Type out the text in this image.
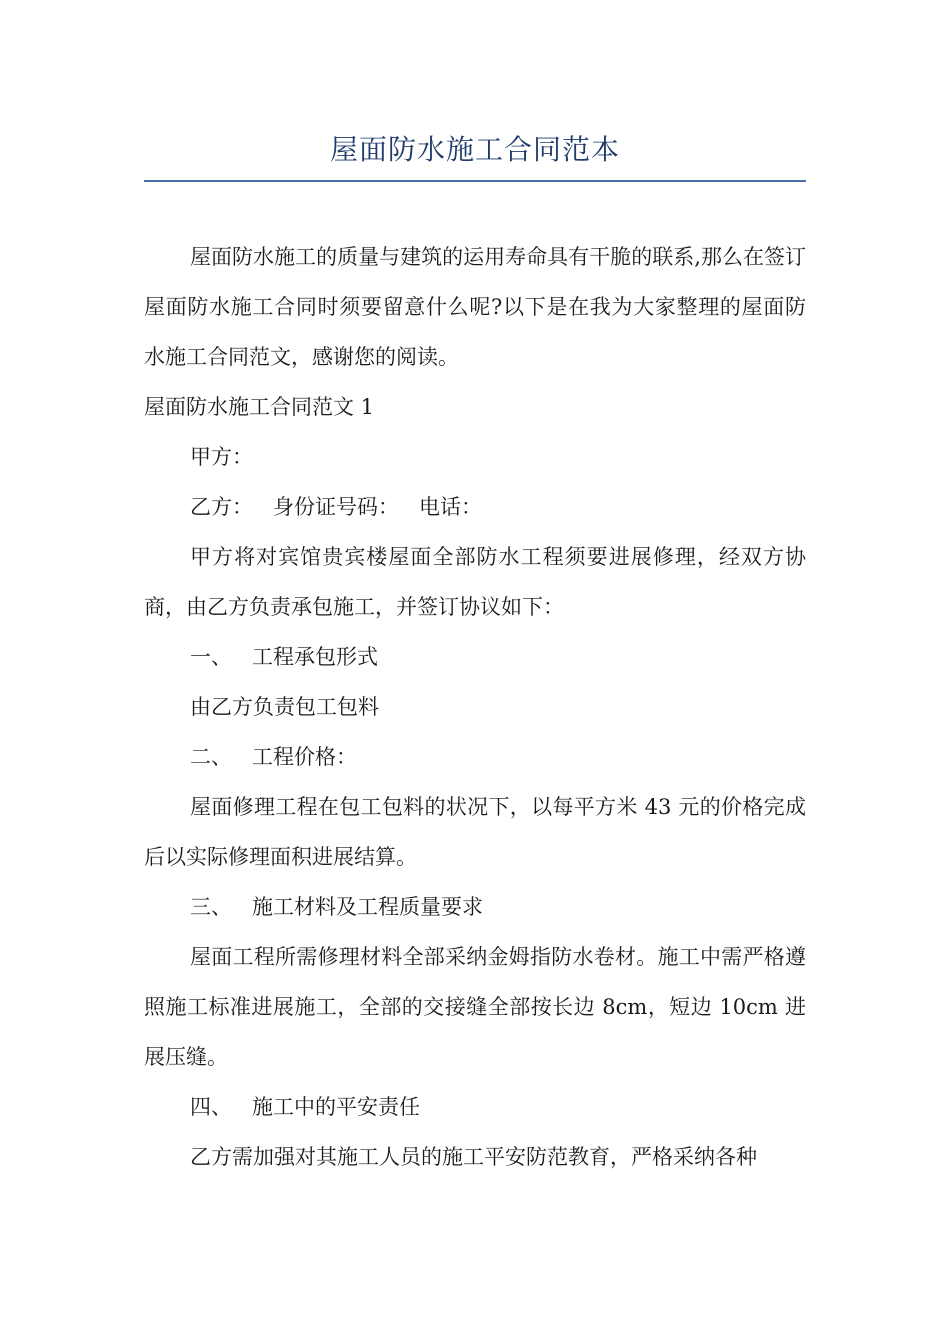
屋面防水施工合同范本

屋面防水施工的质量与建筑的运用寿命具有干脆的联系,那么在签订屋面防水施工合同时须要留意什么呢?以下是在我为大家整理的屋面防水施工合同范文，感谢您的阅读。

屋面防水施工合同范文 1

甲方：

乙方：   身份证号码：   电话：

甲方将对宾馆贵宾楼屋面全部防水工程须要进展修理，经双方协商，由乙方负责承包施工，并签订协议如下：

一、   工程承包形式

由乙方负责包工包料

二、   工程价格：

屋面修理工程在包工包料的状况下，以每平方米 43 元的价格完成后以实际修理面积进展结算。

三、   施工材料及工程质量要求

屋面工程所需修理材料全部采纳金姆指防水卷材。施工中需严格遵照施工标准进展施工，全部的交接缝全部按长边 8cm，短边 10cm 进展压缝。

四、   施工中的平安责任

乙方需加强对其施工人员的施工平安防范教育，严格采纳各种
